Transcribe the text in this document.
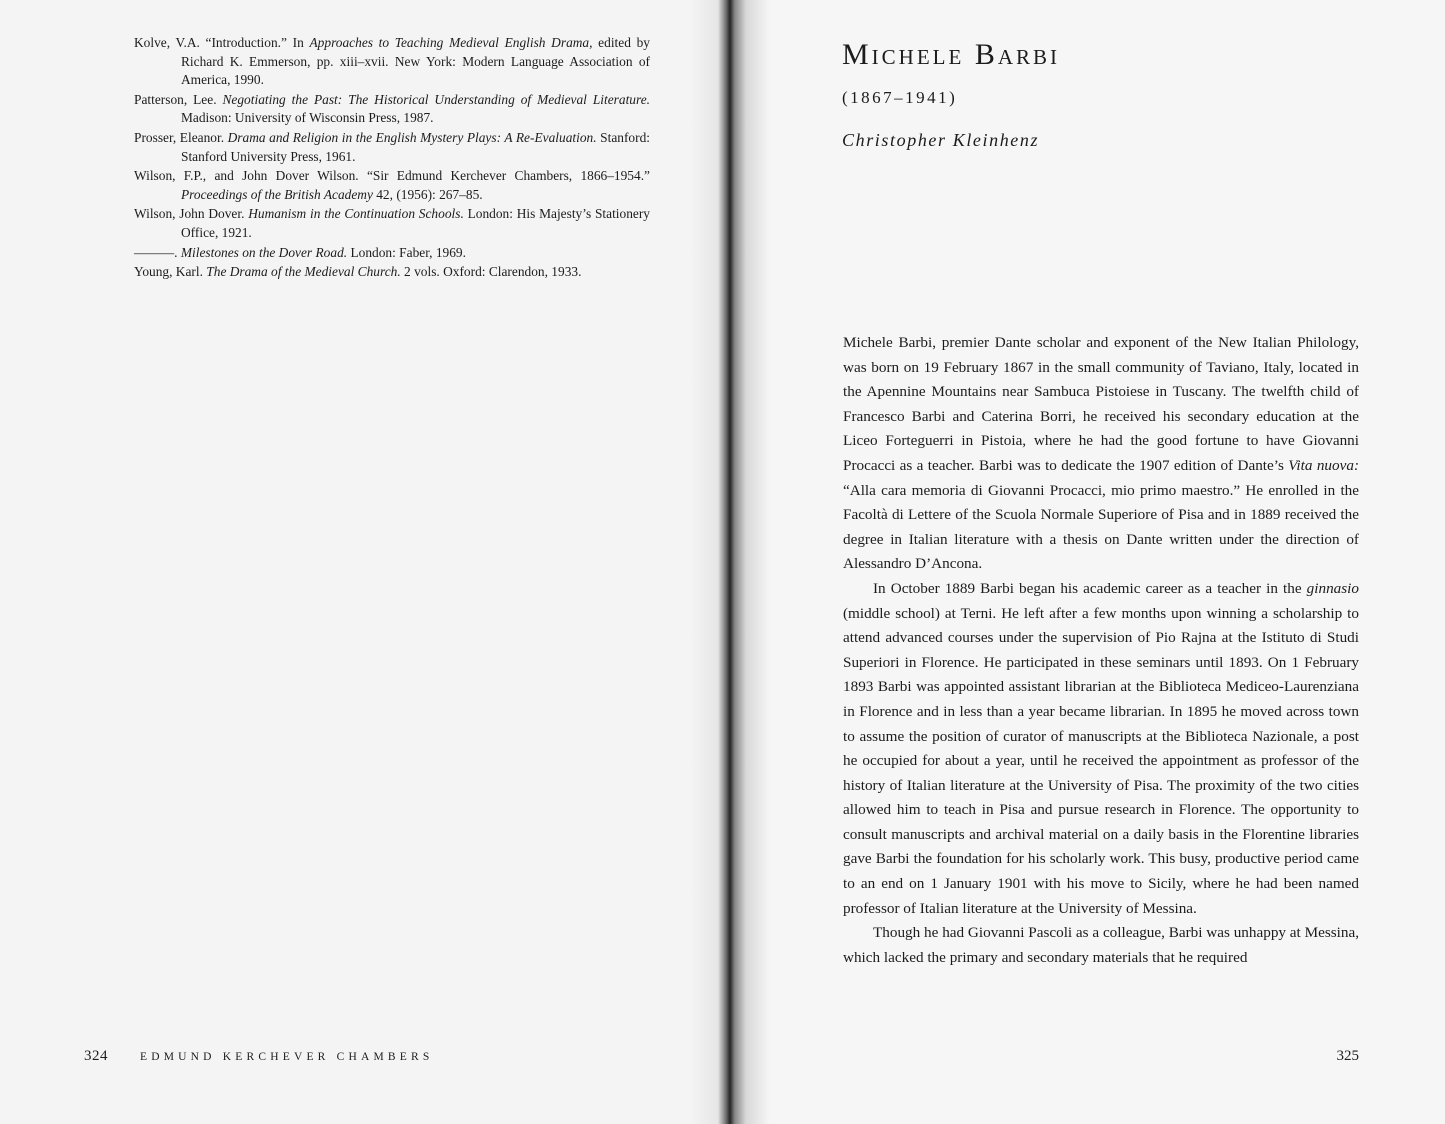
Kolve, V.A. “Introduction.” In Approaches to Teaching Medieval English Drama, edited by Richard K. Emmerson, pp. xiii–xvii. New York: Modern Language Association of America, 1990.

Patterson, Lee. Negotiating the Past: The Historical Understanding of Medieval Literature. Madison: University of Wisconsin Press, 1987.

Prosser, Eleanor. Drama and Religion in the English Mystery Plays: A Re-Evaluation. Stanford: Stanford University Press, 1961.

Wilson, F.P., and John Dover Wilson. “Sir Edmund Kerchever Chambers, 1866–1954.” Proceedings of the British Academy 42, (1956): 267–85.

Wilson, John Dover. Humanism in the Continuation Schools. London: His Majesty’s Stationery Office, 1921.

———. Milestones on the Dover Road. London: Faber, 1969.

Young, Karl. The Drama of the Medieval Church. 2 vols. Oxford: Clarendon, 1933.

324	EDMUND KERCHEVER CHAMBERS
Michele Barbi
(1867–1941)
Christopher Kleinhenz

Michele Barbi, premier Dante scholar and exponent of the New Italian Philology, was born on 19 February 1867 in the small community of Taviano, Italy, located in the Apennine Mountains near Sambuca Pistoiese in Tuscany. The twelfth child of Francesco Barbi and Caterina Borri, he received his secondary education at the Liceo Forteguerri in Pistoia, where he had the good fortune to have Giovanni Procacci as a teacher. Barbi was to dedicate the 1907 edition of Dante’s Vita nuova: “Alla cara memoria di Giovanni Procacci, mio primo maestro.” He enrolled in the Facoltà di Lettere of the Scuola Normale Superiore of Pisa and in 1889 received the degree in Italian literature with a thesis on Dante written under the direction of Alessandro D’Ancona.

In October 1889 Barbi began his academic career as a teacher in the ginnasio (middle school) at Terni. He left after a few months upon winning a scholarship to attend advanced courses under the supervision of Pio Rajna at the Istituto di Studi Superiori in Florence. He participated in these seminars until 1893. On 1 February 1893 Barbi was appointed assistant librarian at the Biblioteca Mediceo-Laurenziana in Florence and in less than a year became librarian. In 1895 he moved across town to assume the position of curator of manuscripts at the Biblioteca Nazionale, a post he occupied for about a year, until he received the appointment as professor of the history of Italian literature at the University of Pisa. The proximity of the two cities allowed him to teach in Pisa and pursue research in Florence. The opportunity to consult manuscripts and archival material on a daily basis in the Florentine libraries gave Barbi the foundation for his scholarly work. This busy, productive period came to an end on 1 January 1901 with his move to Sicily, where he had been named professor of Italian literature at the University of Messina.

Though he had Giovanni Pascoli as a colleague, Barbi was unhappy at Messina, which lacked the primary and secondary materials that he required

325
